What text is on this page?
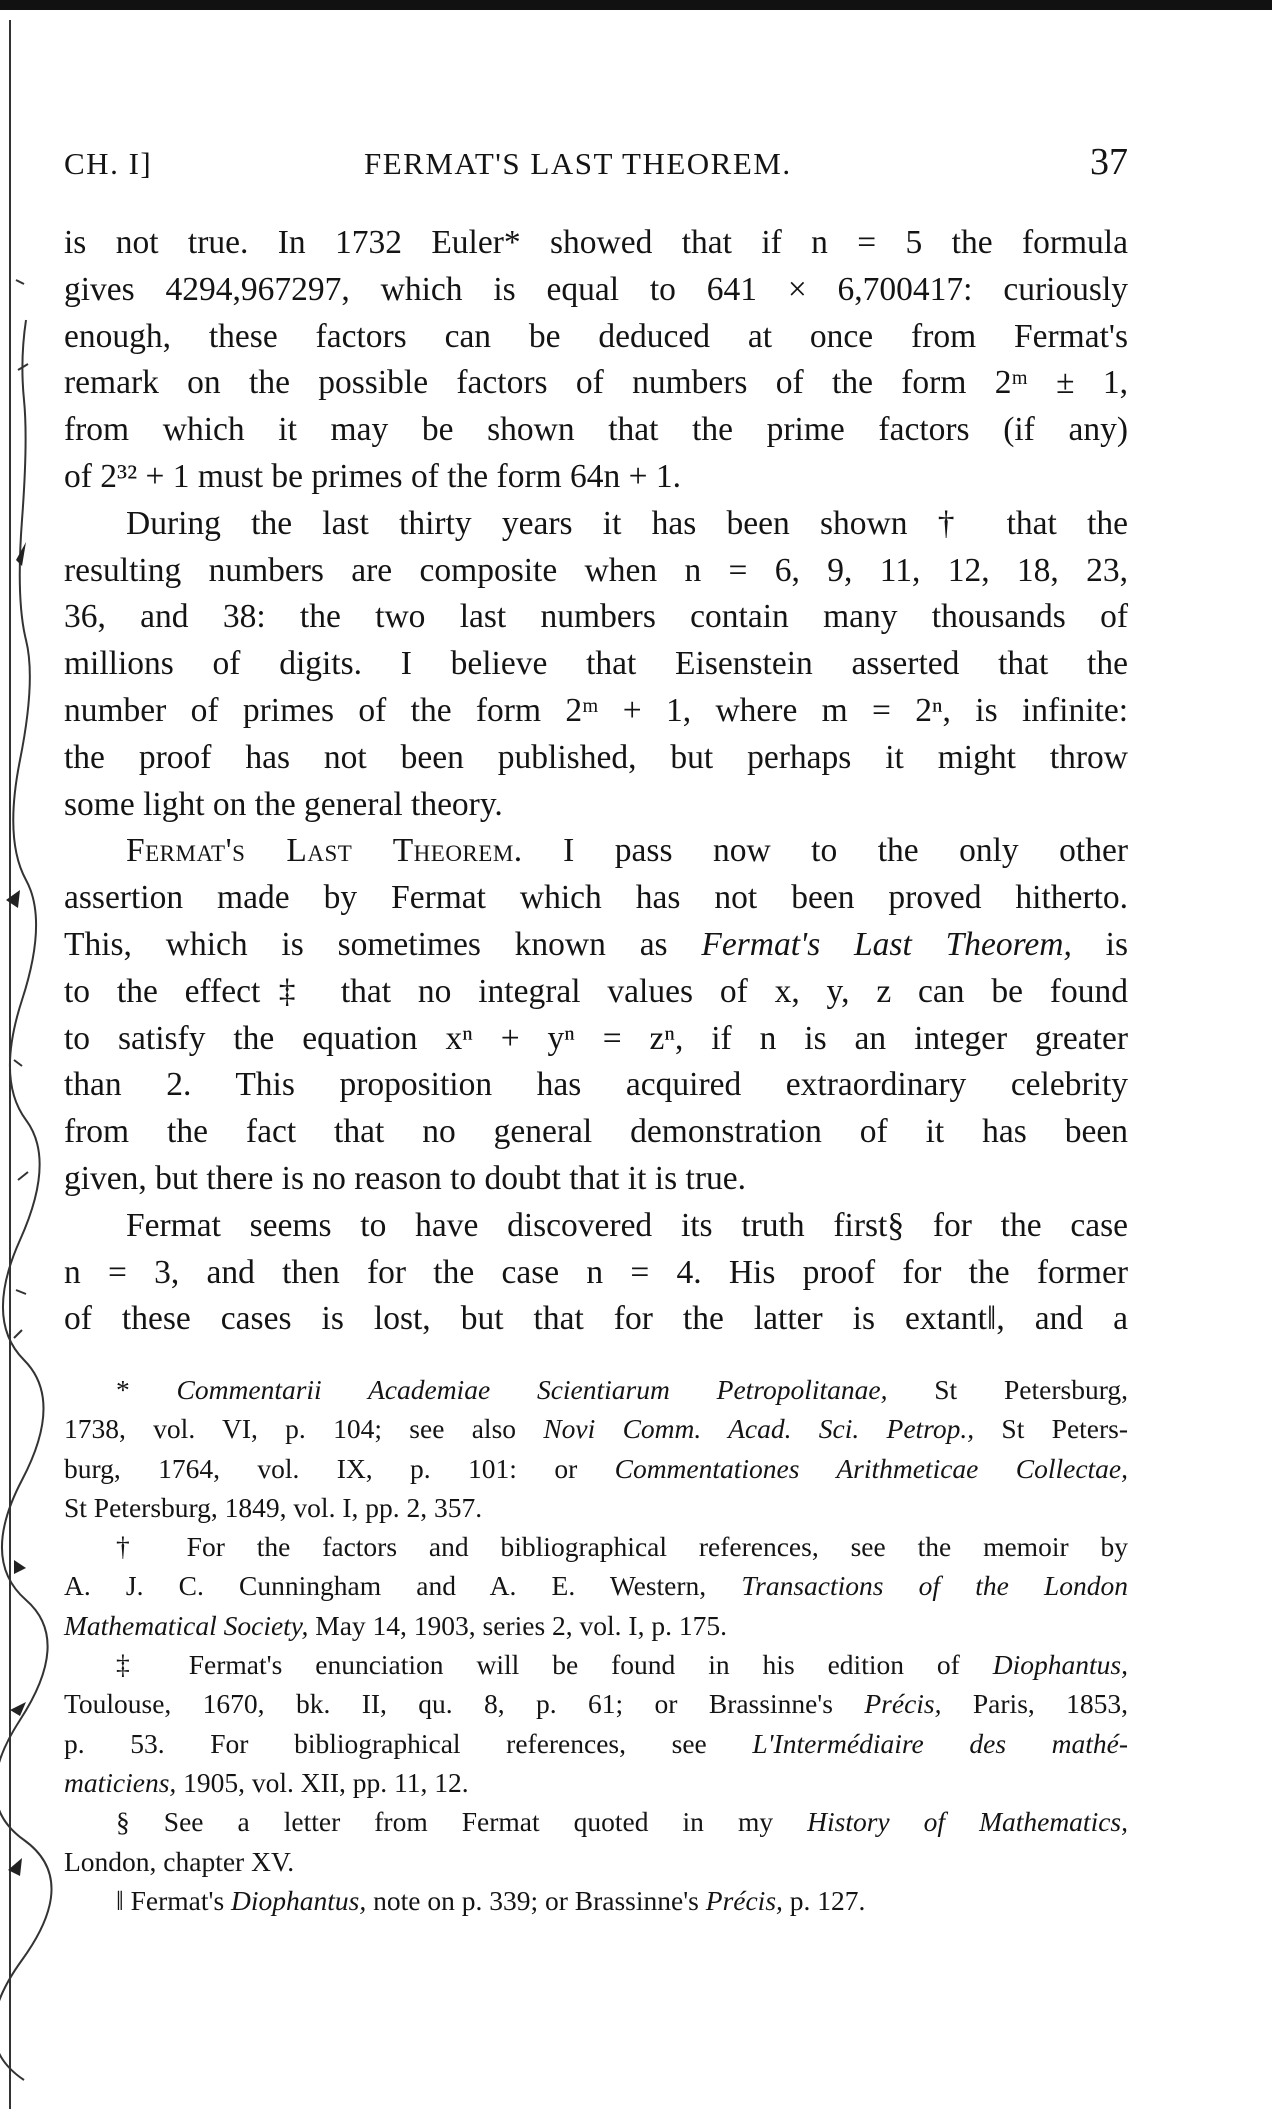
CH. I]	FERMAT'S LAST THEOREM.	37

is not true. In 1732 Euler* showed that if n = 5 the formula

gives 4294,967297, which is equal to 641 × 6,700417: curiously

enough, these factors can be deduced at once from Fermat's

remark on the possible factors of numbers of the form 2ᵐ ± 1,

from which it may be shown that the prime factors (if any)

of 2³² + 1 must be primes of the form 64n + 1.

During the last thirty years it has been shown † that the

resulting numbers are composite when n = 6, 9, 11, 12, 18, 23,

36, and 38: the two last numbers contain many thousands of

millions of digits. I believe that Eisenstein asserted that the

number of primes of the form 2ᵐ + 1, where m = 2ⁿ, is infinite:

the proof has not been published, but perhaps it might throw

some light on the general theory.

Fermat's Last Theorem. I pass now to the only other

assertion made by Fermat which has not been proved hitherto.

This, which is sometimes known as Fermat's Last Theorem, is

to the effect‡ that no integral values of x, y, z can be found

to satisfy the equation xⁿ + yⁿ = zⁿ, if n is an integer greater

than 2. This proposition has acquired extraordinary celebrity

from the fact that no general demonstration of it has been

given, but there is no reason to doubt that it is true.

Fermat seems to have discovered its truth first§ for the case

n = 3, and then for the case n = 4. His proof for the former

of these cases is lost, but that for the latter is extant‖, and a

* Commentarii Academiae Scientiarum Petropolitanae, St Petersburg,

1738, vol. VI, p. 104; see also Novi Comm. Acad. Sci. Petrop., St Peters-

burg, 1764, vol. IX, p. 101: or Commentationes Arithmeticae Collectae,

St Petersburg, 1849, vol. I, pp. 2, 357.

† For the factors and bibliographical references, see the memoir by

A. J. C. Cunningham and A. E. Western, Transactions of the London

Mathematical Society, May 14, 1903, series 2, vol. I, p. 175.

‡ Fermat's enunciation will be found in his edition of Diophantus,

Toulouse, 1670, bk. II, qu. 8, p. 61; or Brassinne's Précis, Paris, 1853,

p. 53. For bibliographical references, see L'Intermédiaire des mathé-

maticiens, 1905, vol. XII, pp. 11, 12.

§ See a letter from Fermat quoted in my History of Mathematics,

London, chapter XV.

‖ Fermat's Diophantus, note on p. 339; or Brassinne's Précis, p. 127.
